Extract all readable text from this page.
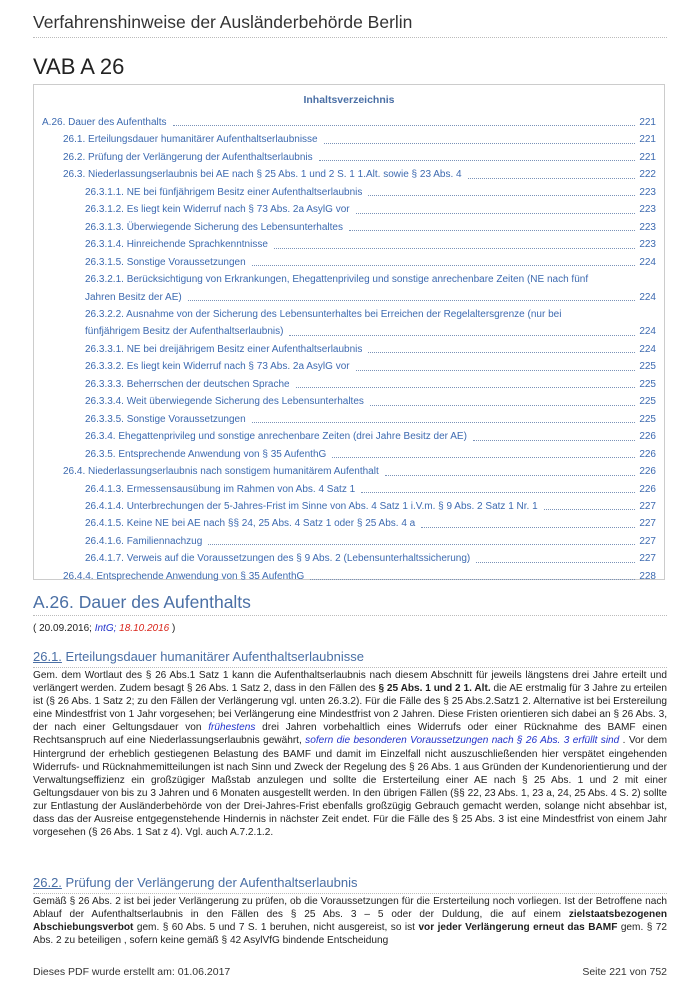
Verfahrenshinweise der Ausländerbehörde Berlin
VAB A 26
Inhaltsverzeichnis
A.26. Dauer des Aufenthalts	221
26.1. Erteilungsdauer humanitärer Aufenthaltserlaubnisse	221
26.2. Prüfung der Verlängerung der Aufenthaltserlaubnis	221
26.3. Niederlassungserlaubnis bei AE nach § 25 Abs. 1 und 2 S. 1 1.Alt. sowie § 23 Abs. 4	222
26.3.1.1. NE bei fünfjährigem Besitz einer Aufenthaltserlaubnis	223
26.3.1.2. Es liegt kein Widerruf nach § 73 Abs. 2a AsylG vor	223
26.3.1.3. Überwiegende Sicherung des Lebensunterhaltes	223
26.3.1.4. Hinreichende Sprachkenntnisse	223
26.3.1.5. Sonstige Voraussetzungen	224
26.3.2.1. Berücksichtigung von Erkrankungen, Ehegattenprivileg und sonstige anrechenbare Zeiten (NE nach fünf
Jahren Besitz der AE)	224
26.3.2.2. Ausnahme von der Sicherung des Lebensunterhaltes bei Erreichen der Regelaltersgrenze (nur bei
fünfjährigem Besitz der Aufenthaltserlaubnis)	224
26.3.3.1. NE bei dreijährigem Besitz einer Aufenthaltserlaubnis	224
26.3.3.2. Es liegt kein Widerruf nach § 73 Abs. 2a AsylG vor	225
26.3.3.3. Beherrschen der deutschen Sprache	225
26.3.3.4. Weit überwiegende Sicherung des Lebensunterhaltes	225
26.3.3.5. Sonstige Voraussetzungen	225
26.3.4. Ehegattenprivileg und sonstige anrechenbare Zeiten (drei Jahre Besitz der AE)	226
26.3.5. Entsprechende Anwendung von § 35 AufenthG	226
26.4. Niederlassungserlaubnis nach sonstigem humanitärem Aufenthalt	226
26.4.1.3. Ermessensausübung im Rahmen von Abs. 4 Satz 1	226
26.4.1.4. Unterbrechungen der 5-Jahres-Frist im Sinne von Abs. 4 Satz 1 i.V.m. § 9 Abs. 2 Satz 1 Nr. 1	227
26.4.1.5. Keine NE bei AE nach §§ 24, 25 Abs. 4 Satz 1 oder § 25 Abs. 4 a	227
26.4.1.6. Familiennachzug	227
26.4.1.7. Verweis auf die Voraussetzungen des § 9 Abs. 2 (Lebensunterhaltssicherung)	227
26.4.4. Entsprechende Anwendung von § 35 AufenthG	228
A.26. Dauer des Aufenthalts
( 20.09.2016; IntG; 18.10.2016 )
26.1. Erteilungsdauer humanitärer Aufenthaltserlaubnisse
Gem. dem Wortlaut des § 26 Abs.1 Satz 1 kann die Aufenthaltserlaubnis nach diesem Abschnitt für jeweils längstens drei Jahre erteilt und verlängert werden. Zudem besagt § 26 Abs. 1 Satz 2, dass in den Fällen des § 25 Abs. 1 und 2 1. Alt. die AE erstmalig für 3 Jahre zu erteilen ist (§ 26 Abs. 1 Satz 2; zu den Fällen der Verlängerung vgl. unten 26.3.2). Für die Fälle des § 25 Abs.2.Satz1 2. Alternative ist bei Erstereilung eine Mindestfrist von 1 Jahr vorgesehen; bei Verlängerung eine Mindestfrist von 2 Jahren. Diese Fristen orientieren sich dabei an § 26 Abs. 3, der nach einer Geltungsdauer von frühestens drei Jahren vorbehaltlich eines Widerrufs oder einer Rücknahme des BAMF einen Rechtsanspruch auf eine Niederlassungserlaubnis gewährt, sofern die besonderen Voraussetzungen nach § 26 Abs. 3 erfüllt sind . Vor dem Hintergrund der erheblich gestiegenen Belastung des BAMF und damit im Einzelfall nicht auszuschließenden hier verspätet eingehenden Widerrufs- und Rücknahmemitteilungen ist nach Sinn und Zweck der Regelung des § 26 Abs. 1 aus Gründen der Kundenorientierung und der Verwaltungseffizienz ein großzügiger Maßstab anzulegen und sollte die Ersterteilung einer AE nach § 25 Abs. 1 und 2 mit einer Geltungsdauer von bis zu 3 Jahren und 6 Monaten ausgestellt werden. In den übrigen Fällen (§§ 22, 23 Abs. 1, 23 a, 24, 25 Abs. 4 S. 2) sollte zur Entlastung der Ausländerbehörde von der Drei-Jahres-Frist ebenfalls großzügig Gebrauch gemacht werden, solange nicht absehbar ist, dass das der Ausreise entgegenstehende Hindernis in nächster Zeit endet. Für die Fälle des § 25 Abs. 3 ist eine Mindestfrist von einem Jahr vorgesehen (§ 26 Abs. 1 Sat z 4). Vgl. auch A.7.2.1.2.
26.2. Prüfung der Verlängerung der Aufenthaltserlaubnis
Gemäß § 26 Abs. 2 ist bei jeder Verlängerung zu prüfen, ob die Voraussetzungen für die Ersterteilung noch vorliegen. Ist der Betroffene nach Ablauf der Aufenthaltserlaubnis in den Fällen des § 25 Abs. 3 – 5 oder der Duldung, die auf einem zielstaatsbezogenen Abschiebungsverbot gem. § 60 Abs. 5 und 7 S. 1 beruhen, nicht ausgereist, so ist vor jeder Verlängerung erneut das BAMF gem. § 72 Abs. 2 zu beteiligen , sofern keine gemäß § 42 AsylVfG bindende Entscheidung
Dieses PDF wurde erstellt am: 01.06.2017	Seite 221 von 752
